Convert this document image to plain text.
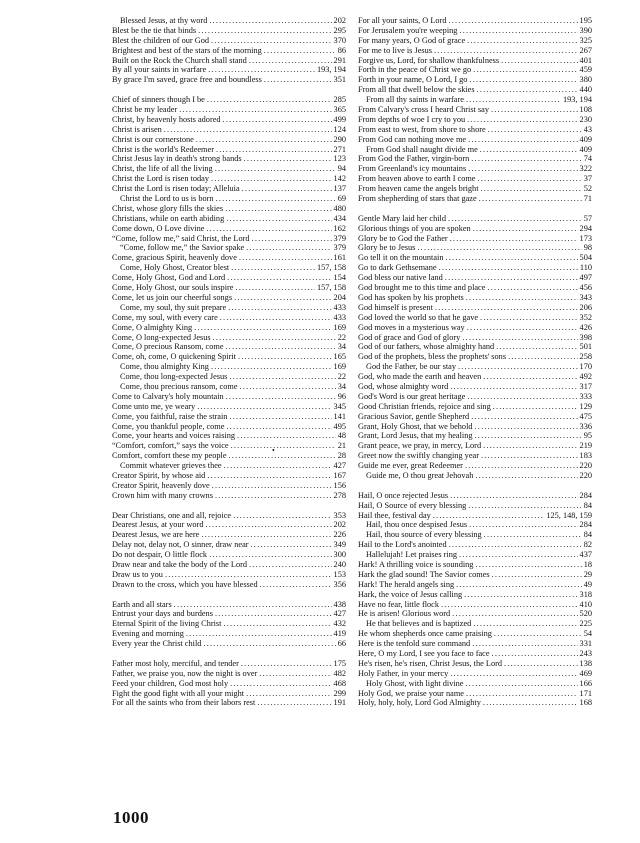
Blessed Jesus, at thy word .....	202
Blest be the tie that binds .....	295
Blest the children of our God .....	370
Brightest and best of the stars of the morning .....	86
Built on the Rock the Church shall stand .....	291
By all your saints in warfare .....	193, 194
By grace I'm saved, grace free and boundless .....	351
Chief of sinners though I be .....	285
Christ be my leader .....	365
Christ, by heavenly hosts adored .....	499
Christ is arisen .....	124
Christ is our cornerstone .....	290
Christ is the world's Redeemer .....	271
Christ Jesus lay in death's strong bands .....	123
Christ, the life of all the living .....	94
Christ the Lord is risen today .....	142
Christ the Lord is risen today; Alleluia .....	137
Christ the Lord to us is born .....	69
Christ, whose glory fills the skies .....	480
Christians, while on earth abiding .....	434
Come down, O Love divine .....	162
“Come, follow me,” said Christ, the Lord .....	379
“Come, follow me,” the Savior spake .....	379
Come, gracious Spirit, heavenly dove .....	161
Come, Holy Ghost, Creator blest .....	157, 158
Come, Holy Ghost, God and Lord .....	154
Come, Holy Ghost, our souls inspire .....	157, 158
Come, let us join our cheerful songs .....	204
Come, my soul, thy suit prepare .....	433
Come, my soul, with every care .....	433
Come, O almighty King .....	169
Come, O long-expected Jesus .....	22
Come, O precious Ransom, come .....	34
Come, oh, come, O quickening Spirit .....	165
Come, thou almighty King .....	169
Come, thou long-expected Jesus .....	22
Come, thou precious ransom, come .....	34
Come to Calvary's holy mountain .....	96
Come unto me, ye weary .....	345
Come, you faithful, raise the strain .....	141
Come, you thankful people, come .....	495
Come, your hearts and voices raising .....	48
“Comfort, comfort,” says the voice .....	21
Comfort, comfort these my people .....	28
Commit whatever grieves thee .....	427
Creator Spirit, by whose aid .....	167
Creator Spirit, heavenly dove .....	156
Crown him with many crowns .....	278
Dear Christians, one and all, rejoice .....	353
Dearest Jesus, at your word .....	202
Dearest Jesus, we are here .....	226
Delay not, delay not, O sinner, draw near .....	349
Do not despair, O little flock .....	300
Draw near and take the body of the Lord .....	240
Draw us to you .....	153
Drawn to the cross, which you have blessed .....	356
Earth and all stars .....	438
Entrust your days and burdens .....	427
Eternal Spirit of the living Christ .....	432
Evening and morning .....	419
Every year the Christ child .....	66
Father most holy, merciful, and tender .....	175
Father, we praise you, now the night is over .....	482
Feed your children, God most holy .....	468
Fight the good fight with all your might .....	299
For all the saints who from their labors rest .....	191
For all your saints, O Lord .....	195
For Jerusalem you're weeping .....	390
For many years, O God of grace .....	325
For me to live is Jesus .....	267
Forgive us, Lord, for shallow thankfulness .....	401
Forth in the peace of Christ we go .....	459
Forth in your name, O Lord, I go .....	380
From all that dwell below the skies .....	440
From all thy saints in warfare .....	193, 194
From Calvary's cross I heard Christ say .....	108
From depths of woe I cry to you .....	230
From east to west, from shore to shore .....	43
From God can nothing move me .....	409
From God shall naught divide me .....	409
From God the Father, virgin-born .....	74
From Greenland's icy mountains .....	322
From heaven above to earth I come .....	37
From heaven came the angels bright .....	52
From shepherding of stars that gaze .....	71
Gentle Mary laid her child .....	57
Glorious things of you are spoken .....	294
Glory be to God the Father .....	173
Glory be to Jesus .....	98
Go tell it on the mountain .....	504
Go to dark Gethsemane .....	110
God bless our native land .....	497
God brought me to this time and place .....	456
God has spoken by his prophets .....	343
God himself is present .....	206
God loved the world so that he gave .....	352
God moves in a mysterious way .....	426
God of grace and God of glory .....	398
God of our fathers, whose almighty hand .....	501
God of the prophets, bless the prophets' sons .....	258
God the Father, be our stay .....	170
God, who made the earth and heaven .....	492
God, whose almighty word .....	317
God's Word is our great heritage .....	333
Good Christian friends, rejoice and sing .....	129
Gracious Savior, gentle Shepherd .....	475
Grant, Holy Ghost, that we behold .....	336
Grant, Lord Jesus, that my healing .....	95
Grant peace, we pray, in mercy, Lord .....	219
Greet now the swiftly changing year .....	183
Guide me ever, great Redeemer .....	220
Guide me, O thou great Jehovah .....	220
Hail, O once rejected Jesus .....	284
Hail, O Source of every blessing .....	84
Hail thee, festival day .....	125, 148, 159
Hail, thou once despised Jesus .....	284
Hail, thou source of every blessing .....	84
Hail to the Lord's anointed .....	82
Hallelujah! Let praises ring .....	437
Hark! A thrilling voice is sounding .....	18
Hark the glad sound! The Savior comes .....	29
Hark! The herald angels sing .....	49
Hark, the voice of Jesus calling .....	318
Have no fear, little flock .....	410
He is arisen! Glorious word .....	520
He that believes and is baptized .....	225
He whom shepherds once came praising .....	54
Here is the tenfold sure command .....	331
Here, O my Lord, I see you face to face .....	243
He's risen, he's risen, Christ Jesus, the Lord .....	138
Holy Father, in your mercy .....	469
Holy Ghost, with light divine .....	166
Holy God, we praise your name .....	171
Holy, holy, holy, Lord God Almighty .....	168
•
1000
